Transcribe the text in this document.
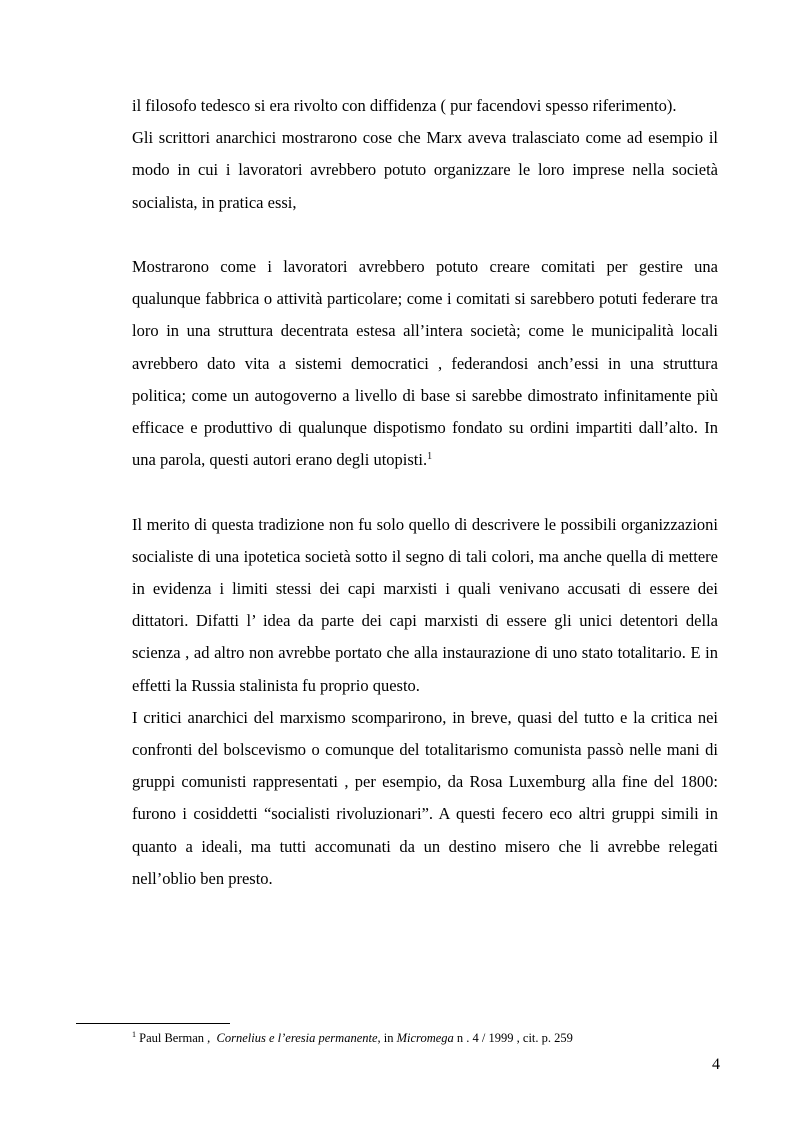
il filosofo tedesco si era rivolto con diffidenza ( pur facendovi spesso riferimento).

Gli scrittori anarchici mostrarono cose che Marx aveva tralasciato come ad esempio il modo in cui i lavoratori avrebbero potuto organizzare le loro imprese nella società socialista, in pratica essi,

Mostrarono come i lavoratori avrebbero potuto creare comitati per gestire una qualunque fabbrica o attività particolare; come i comitati si sarebbero potuti federare tra loro in una struttura decentrata estesa all’intera società; come le municipalità locali avrebbero dato vita a sistemi democratici , federandosi anch’essi in una struttura politica; come un autogoverno a livello di base si sarebbe dimostrato infinitamente più efficace e produttivo di qualunque dispotismo fondato su ordini impartiti dall’alto. In una parola, questi autori erano degli utopisti.$^1$

Il merito di questa tradizione non fu solo quello di descrivere le possibili organizzazioni socialiste di una ipotetica società sotto il segno di tali colori, ma anche quella di mettere in evidenza i limiti stessi dei capi marxisti i quali venivano accusati di essere dei dittatori. Difatti l’ idea da parte dei capi marxisti di essere gli unici detentori della scienza , ad altro non avrebbe portato che alla instaurazione di uno stato totalitario. E in effetti la Russia stalinista fu proprio questo.

I critici anarchici del marxismo scomparirono, in breve, quasi del tutto e la critica nei confronti del bolscevismo o comunque del totalitarismo comunista passò nelle mani di gruppi comunisti rappresentati , per esempio, da Rosa Luxemburg alla fine del 1800: furono i cosiddetti “socialisti rivoluzionari”. A questi fecero eco altri gruppi simili in quanto a ideali, ma tutti accomunati da un destino misero che li avrebbe relegati nell’oblio ben presto.

$^1$ Paul Berman , Cornelius e l’eresia permanente, in Micromega n . 4 / 1999 , cit. p. 259
4
